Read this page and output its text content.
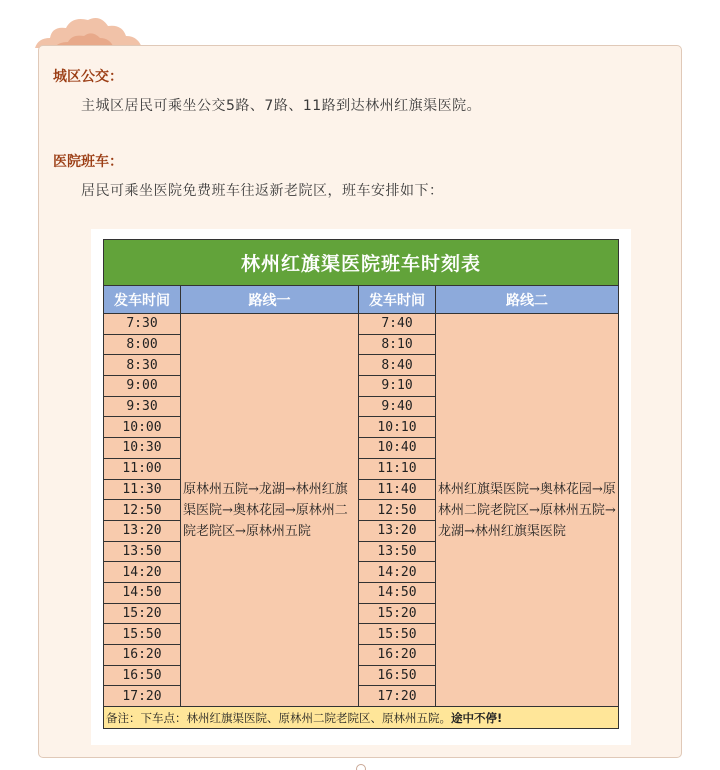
城区公交：
主城区居民可乘坐公交5路、7路、11路到达林州红旗渠医院。
医院班车：
居民可乘坐医院免费班车往返新老院区，班车安排如下：
林州红旗渠医院班车时刻表			
发车时间	路线一	发车时间	路线二
7:30	原林州五院→龙湖→林州红旗渠医院→奥林花园→原林州二院老院区→原林州五院	7:40	林州红旗渠医院→奥林花园→原林州二院老院区→原林州五院→龙湖→林州红旗渠医院
8:00		8:10	
8:30		8:40	
9:00		9:10	
9:30		9:40	
10:00		10:10	
10:30		10:40	
11:00		11:10	
11:30		11:40	
12:50		12:50	
13:20		13:20	
13:50		13:50	
14:20		14:20	
14:50		14:50	
15:20		15:20	
15:50		15:50	
16:20		16:20	
16:50		16:50	
17:20		17:20	
备注：下车点：林州红旗渠医院、原林州二院老院区、原林州五院。途中不停!			
